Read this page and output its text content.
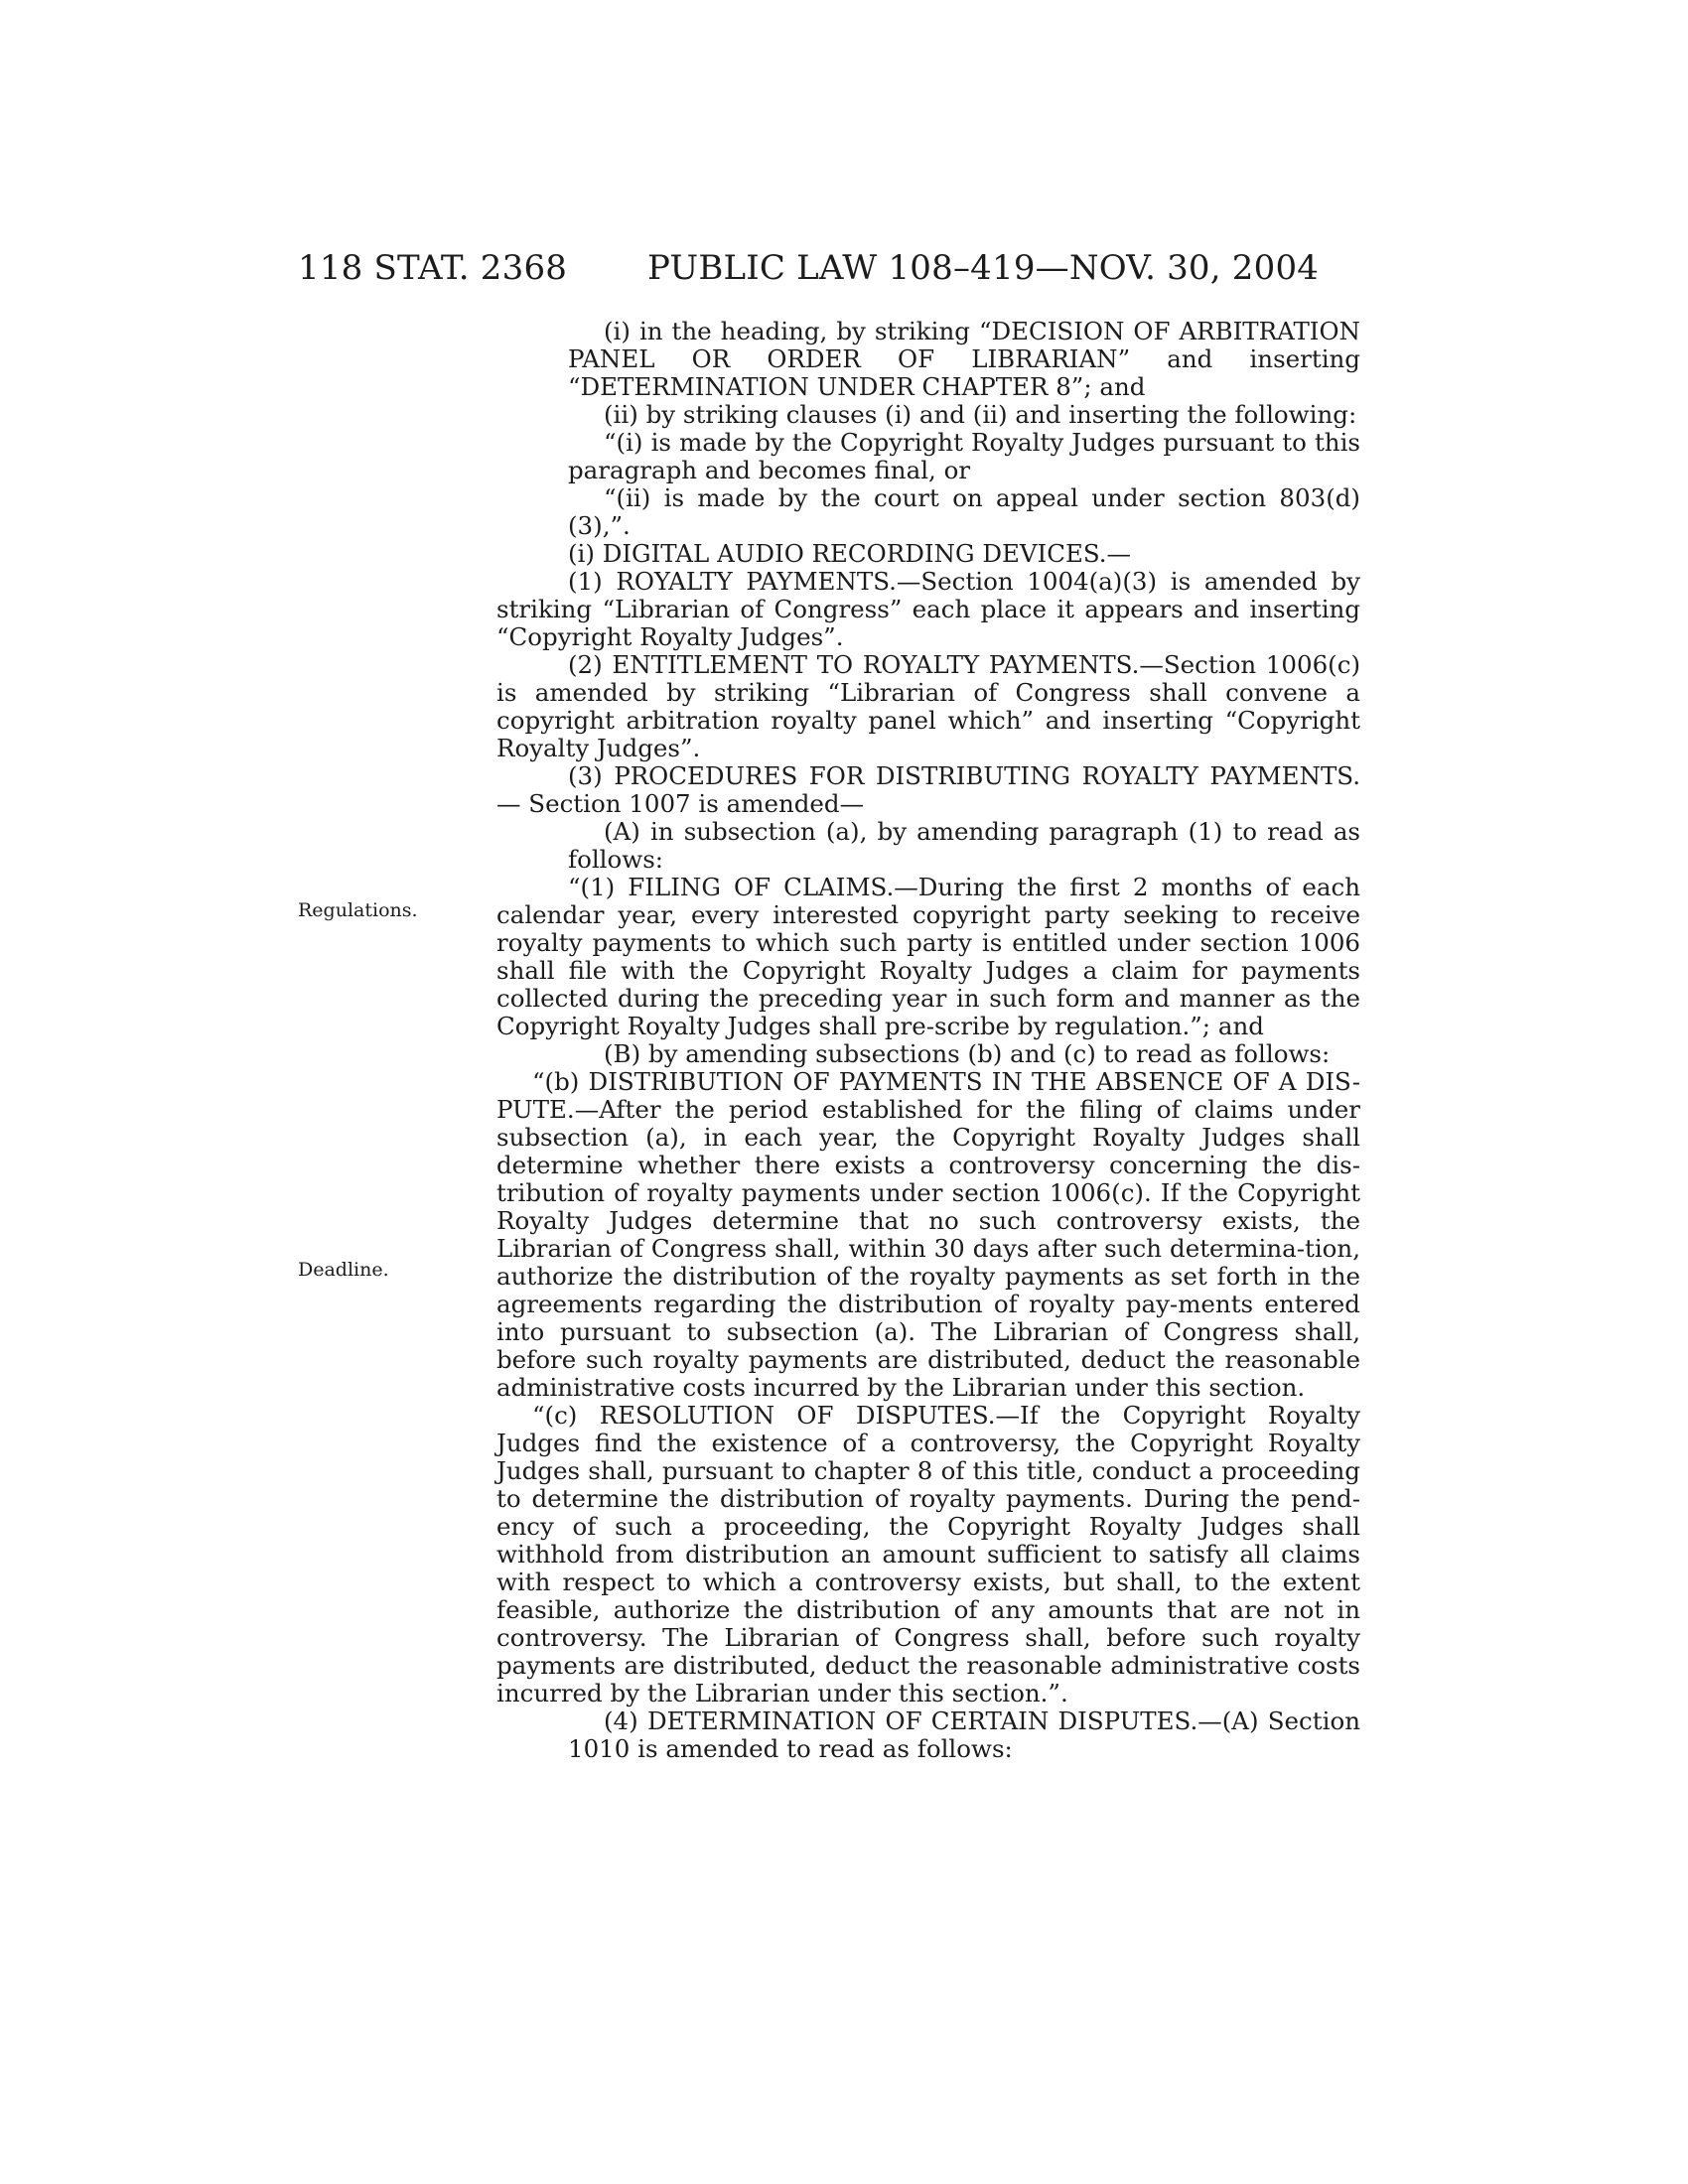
118 STAT. 2368 PUBLIC LAW 108–419—NOV. 30, 2004
Regulations.
Deadline.

(i) in the heading, by striking “DECISION OF ARBITRATION PANEL OR ORDER OF LIBRARIAN” and inserting “DETERMINATION UNDER CHAPTER 8”; and

(ii) by striking clauses (i) and (ii) and inserting the following:

“(i) is made by the Copyright Royalty Judges pursuant to this paragraph and becomes final, or

“(ii) is made by the court on appeal under section 803(d)(3),”.

(i) DIGITAL AUDIO RECORDING DEVICES.—

(1) ROYALTY PAYMENTS.—Section 1004(a)(3) is amended by striking “Librarian of Congress” each place it appears and inserting “Copyright Royalty Judges”.

(2) ENTITLEMENT TO ROYALTY PAYMENTS.—Section 1006(c) is amended by striking “Librarian of Congress shall convene a copyright arbitration royalty panel which” and inserting “Copyright Royalty Judges”.

(3) PROCEDURES FOR DISTRIBUTING ROYALTY PAYMENTS.— Section 1007 is amended—

(A) in subsection (a), by amending paragraph (1) to read as follows:

“(1) FILING OF CLAIMS.—During the first 2 months of each calendar year, every interested copyright party seeking to receive royalty payments to which such party is entitled under section 1006 shall file with the Copyright Royalty Judges a claim for payments collected during the preceding year in such form and manner as the Copyright Royalty Judges shall pre-scribe by regulation.”; and

(B) by amending subsections (b) and (c) to read as follows:

“(b) DISTRIBUTION OF PAYMENTS IN THE ABSENCE OF A DIS-PUTE.—After the period established for the filing of claims under subsection (a), in each year, the Copyright Royalty Judges shall determine whether there exists a controversy concerning the dis-tribution of royalty payments under section 1006(c). If the Copyright Royalty Judges determine that no such controversy exists, the Librarian of Congress shall, within 30 days after such determina-tion, authorize the distribution of the royalty payments as set forth in the agreements regarding the distribution of royalty pay-ments entered into pursuant to subsection (a). The Librarian of Congress shall, before such royalty payments are distributed, deduct the reasonable administrative costs incurred by the Librarian under this section.

“(c) RESOLUTION OF DISPUTES.—If the Copyright Royalty Judges find the existence of a controversy, the Copyright Royalty Judges shall, pursuant to chapter 8 of this title, conduct a proceeding to determine the distribution of royalty payments. During the pend-ency of such a proceeding, the Copyright Royalty Judges shall withhold from distribution an amount sufficient to satisfy all claims with respect to which a controversy exists, but shall, to the extent feasible, authorize the distribution of any amounts that are not in controversy. The Librarian of Congress shall, before such royalty payments are distributed, deduct the reasonable administrative costs incurred by the Librarian under this section.”.

(4) DETERMINATION OF CERTAIN DISPUTES.—(A) Section 1010 is amended to read as follows:
